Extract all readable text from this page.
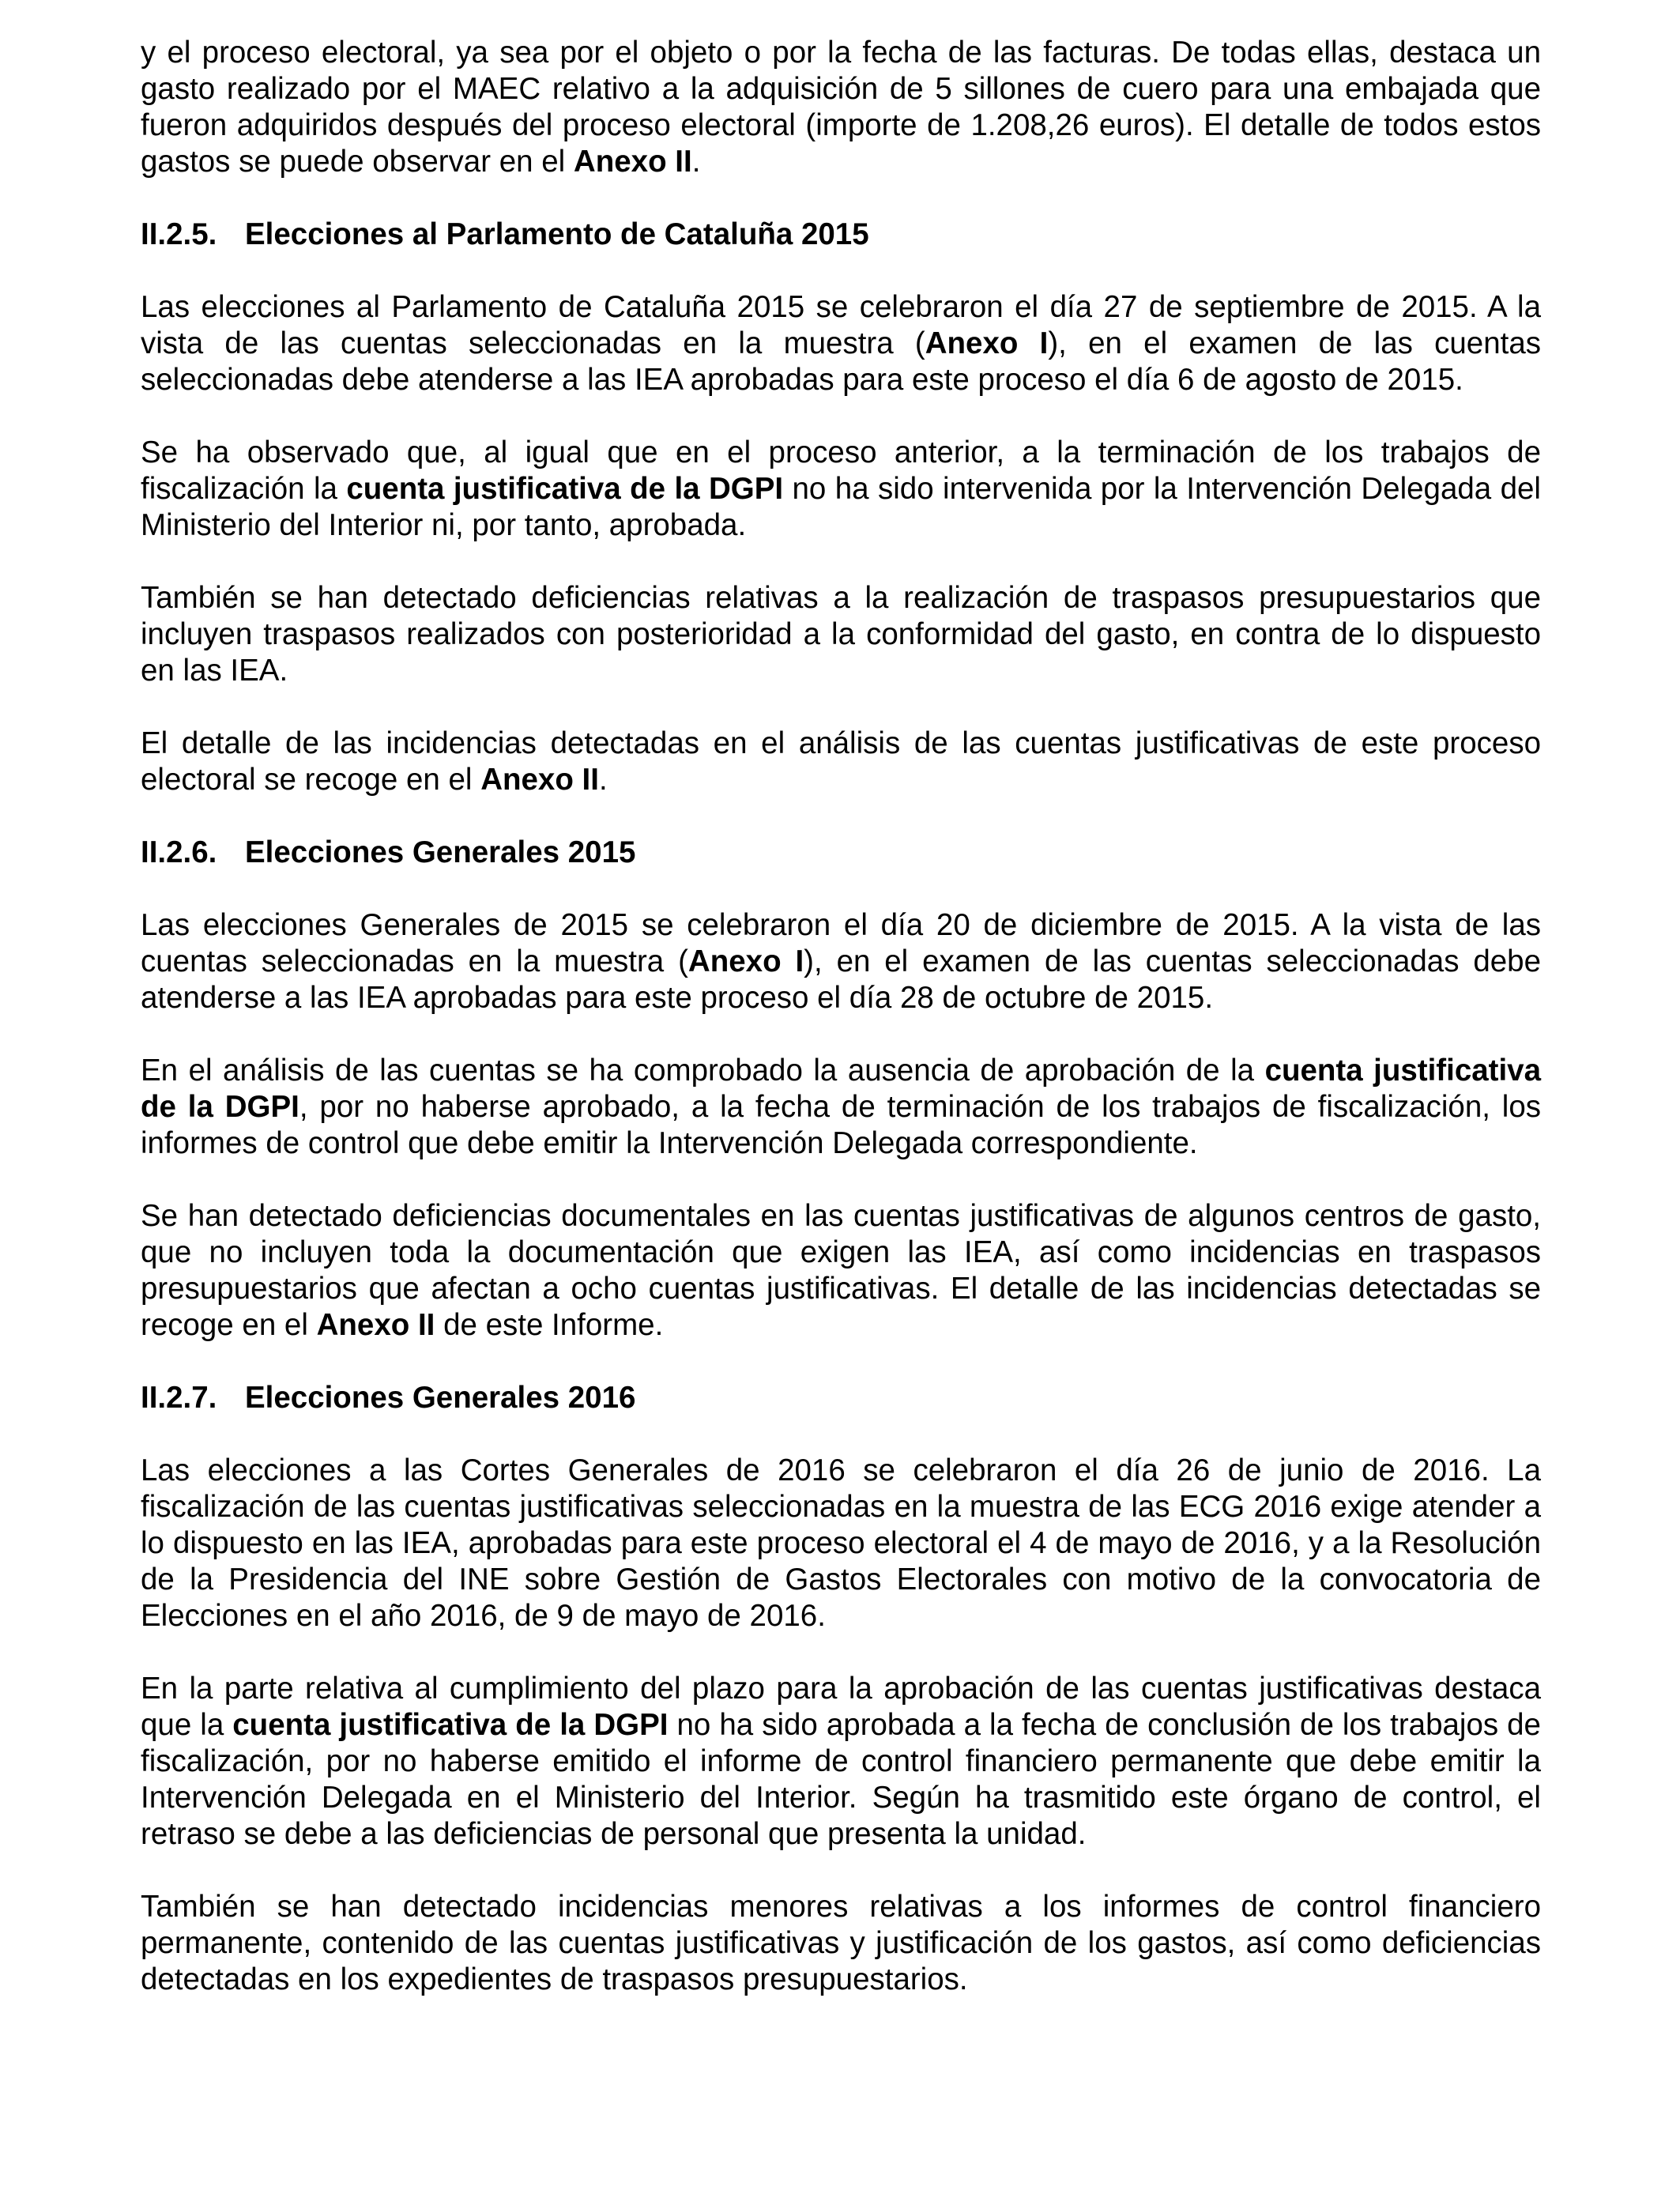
y el proceso electoral, ya sea por el objeto o por la fecha de las facturas. De todas ellas, destaca un gasto realizado por el MAEC relativo a la adquisición de 5 sillones de cuero para una embajada que fueron adquiridos después del proceso electoral (importe de 1.208,26 euros). El detalle de todos estos gastos se puede observar en el Anexo II.

II.2.5. Elecciones al Parlamento de Cataluña 2015

Las elecciones al Parlamento de Cataluña 2015 se celebraron el día 27 de septiembre de 2015. A la vista de las cuentas seleccionadas en la muestra (Anexo I), en el examen de las cuentas seleccionadas debe atenderse a las IEA aprobadas para este proceso el día 6 de agosto de 2015.

Se ha observado que, al igual que en el proceso anterior, a la terminación de los trabajos de fiscalización la cuenta justificativa de la DGPI no ha sido intervenida por la Intervención Delegada del Ministerio del Interior ni, por tanto, aprobada.

También se han detectado deficiencias relativas a la realización de traspasos presupuestarios que incluyen traspasos realizados con posterioridad a la conformidad del gasto, en contra de lo dispuesto en las IEA.

El detalle de las incidencias detectadas en el análisis de las cuentas justificativas de este proceso electoral se recoge en el Anexo II.

II.2.6. Elecciones Generales 2015

Las elecciones Generales de 2015 se celebraron el día 20 de diciembre de 2015. A la vista de las cuentas seleccionadas en la muestra (Anexo I), en el examen de las cuentas seleccionadas debe atenderse a las IEA aprobadas para este proceso el día 28 de octubre de 2015.

En el análisis de las cuentas se ha comprobado la ausencia de aprobación de la cuenta justificativa de la DGPI, por no haberse aprobado, a la fecha de terminación de los trabajos de fiscalización, los informes de control que debe emitir la Intervención Delegada correspondiente.

Se han detectado deficiencias documentales en las cuentas justificativas de algunos centros de gasto, que no incluyen toda la documentación que exigen las IEA, así como incidencias en traspasos presupuestarios que afectan a ocho cuentas justificativas. El detalle de las incidencias detectadas se recoge en el Anexo II de este Informe.

II.2.7. Elecciones Generales 2016

Las elecciones a las Cortes Generales de 2016 se celebraron el día 26 de junio de 2016. La fiscalización de las cuentas justificativas seleccionadas en la muestra de las ECG 2016 exige atender a lo dispuesto en las IEA, aprobadas para este proceso electoral el 4 de mayo de 2016, y a la Resolución de la Presidencia del INE sobre Gestión de Gastos Electorales con motivo de la convocatoria de Elecciones en el año 2016, de 9 de mayo de 2016.

En la parte relativa al cumplimiento del plazo para la aprobación de las cuentas justificativas destaca que la cuenta justificativa de la DGPI no ha sido aprobada a la fecha de conclusión de los trabajos de fiscalización, por no haberse emitido el informe de control financiero permanente que debe emitir la Intervención Delegada en el Ministerio del Interior. Según ha trasmitido este órgano de control, el retraso se debe a las deficiencias de personal que presenta la unidad.

También se han detectado incidencias menores relativas a los informes de control financiero permanente, contenido de las cuentas justificativas y justificación de los gastos, así como deficiencias detectadas en los expedientes de traspasos presupuestarios.
